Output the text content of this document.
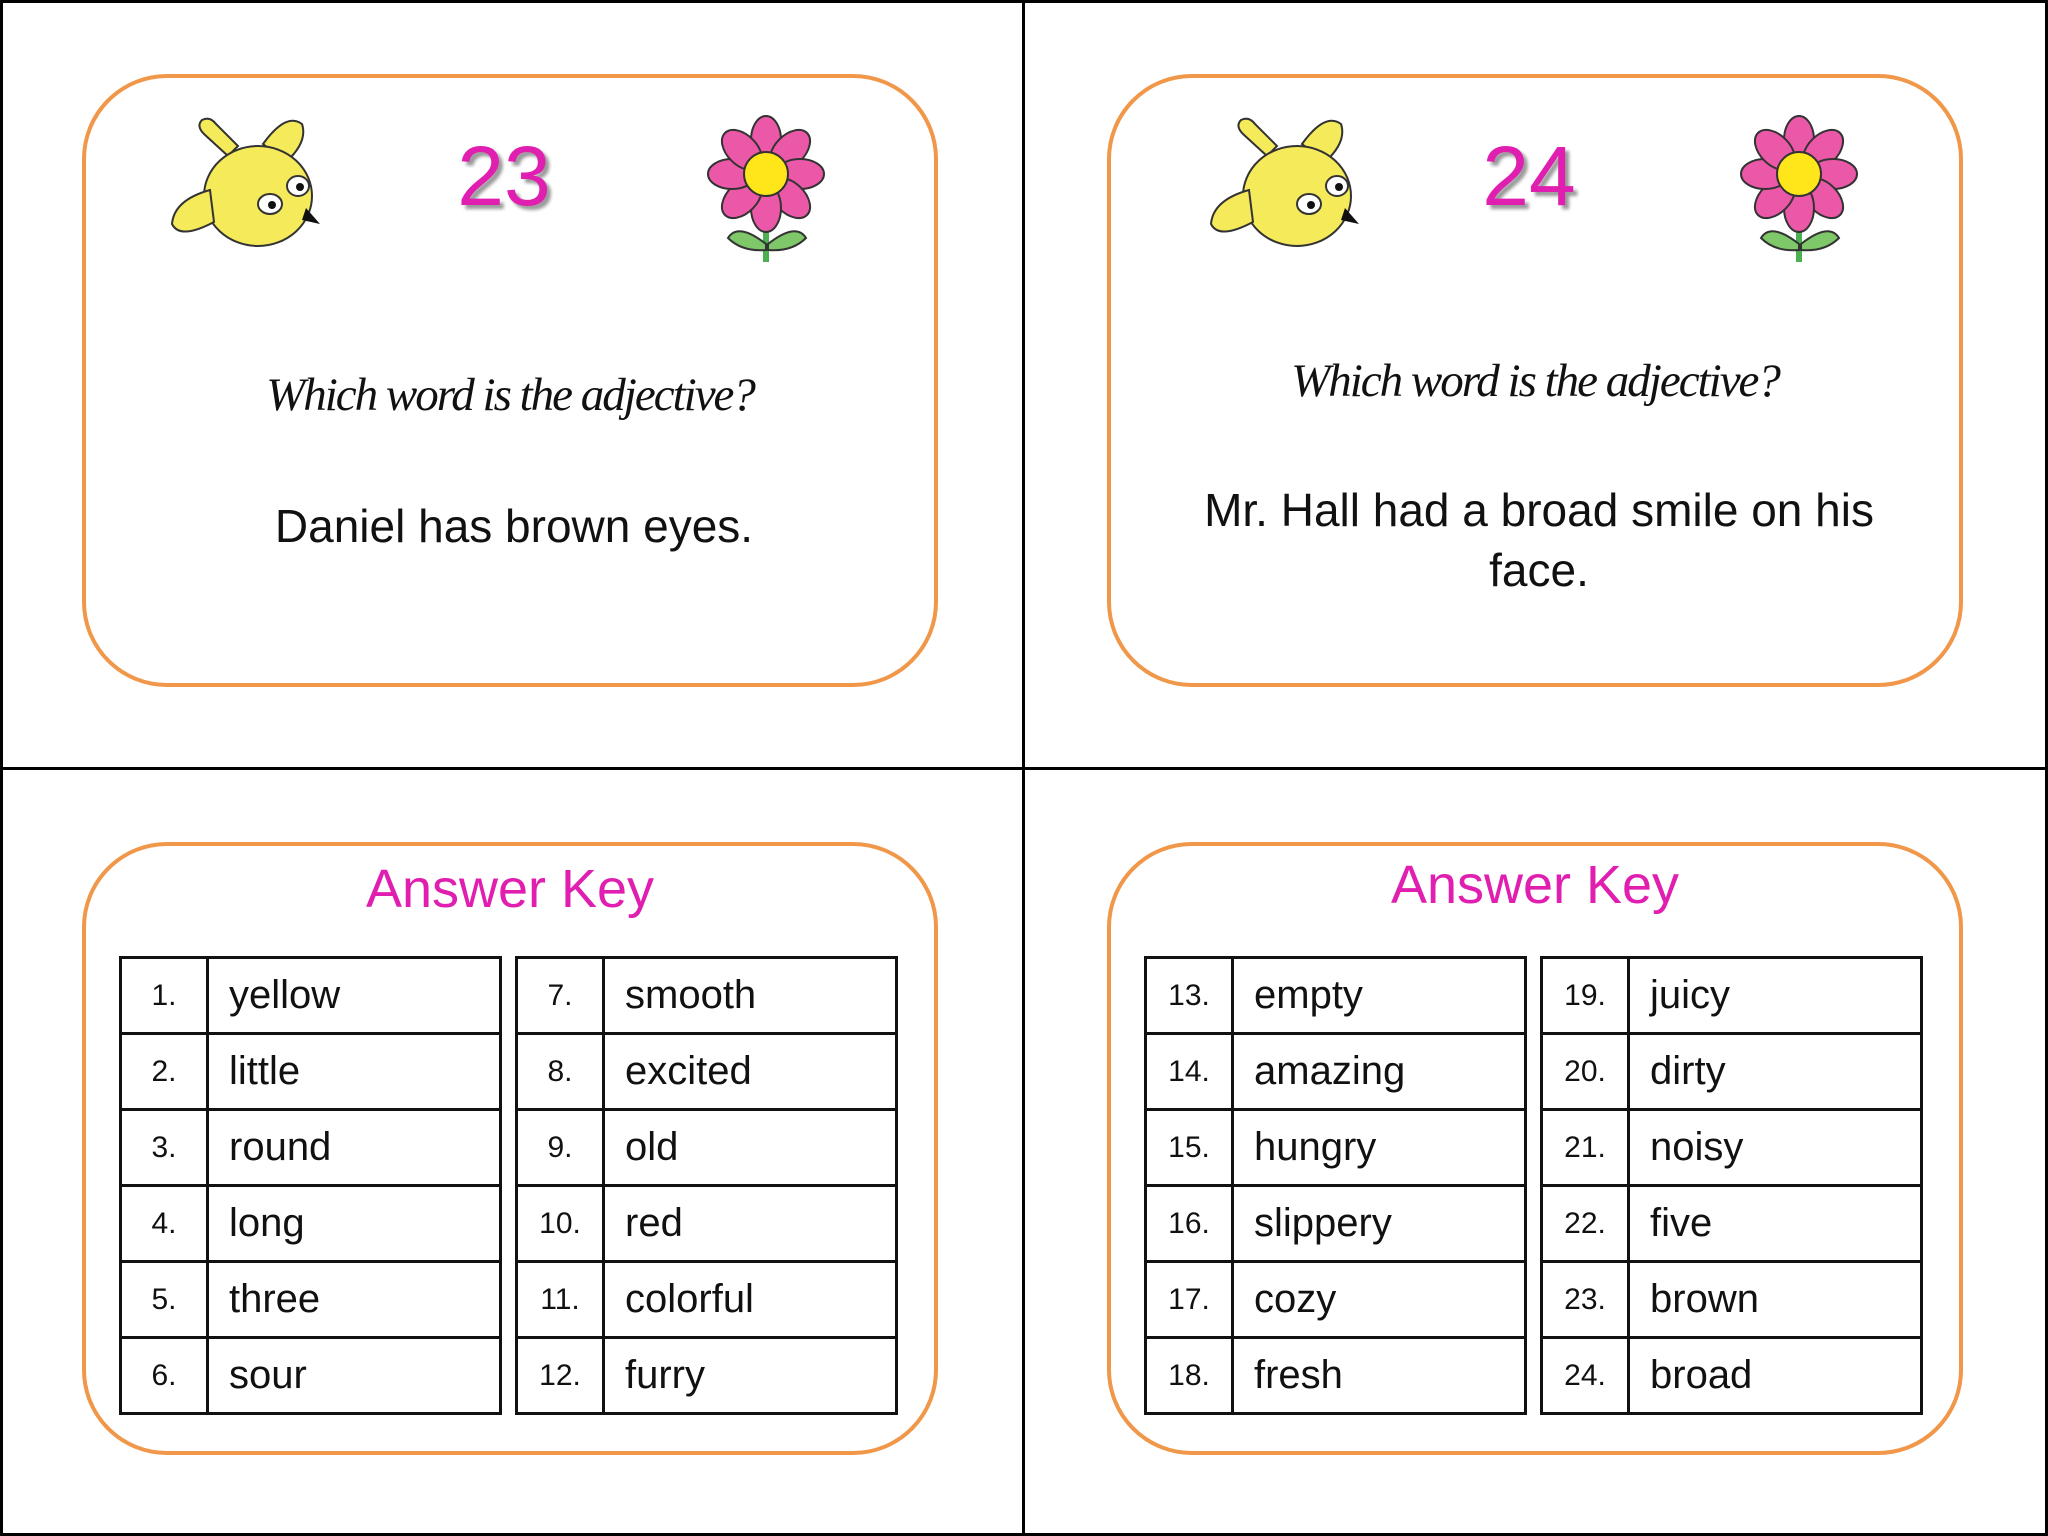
23
Which word is the adjective?
Daniel has brown eyes.
24
Which word is the adjective?
Mr. Hall had a broad smile on his face.
Answer Key
1.	yellow
2.	little
3.	round
4.	long
5.	three
6.	sour
7.	smooth
8.	excited
9.	old
10.	red
11.	colorful
12.	furry
Answer Key
13.	empty
14.	amazing
15.	hungry
16.	slippery
17.	cozy
18.	fresh
19.	juicy
20.	dirty
21.	noisy
22.	five
23.	brown
24.	broad
